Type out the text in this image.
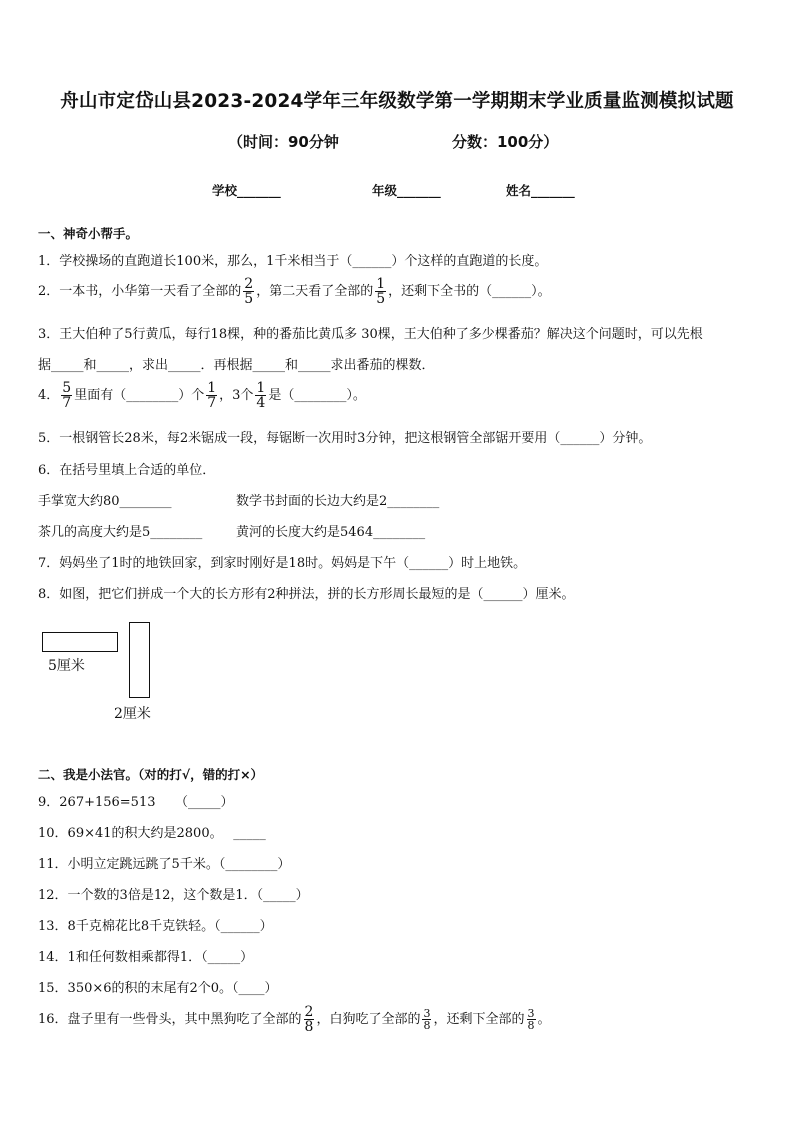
舟山市定岱山县2023-2024学年三年级数学第一学期期末学业质量监测模拟试题
（时间：90分钟	分数：100分）
学校_______	年级_______	姓名_______
一、神奇小帮手。
1．学校操场的直跑道长100米，那么，1千米相当于（______）个这样的直跑道的长度。
2．一本书，小华第一天看了全部的 $\frac{2}{5}$ ，第二天看了全部的 $\frac{1}{5}$ ，还剩下全书的（______）。
3．王大伯种了5行黄瓜，每行18棵，种的番茄比黄瓜多 30棵，王大伯种了多少棵番茄？解决这个问题时，可以先根
据_____和_____，求出_____．再根据_____和_____求出番茄的棵数．
4． $\frac{5}{7}$ 里面有（________）个 $\frac{1}{7}$ ，3个 $\frac{1}{4}$ 是（________）。
5．一根钢管长28米，每2米锯成一段，每锯断一次用时3分钟，把这根钢管全部锯开要用（______）分钟。
6．在括号里填上合适的单位．
手掌宽大约80________	数学书封面的长边大约是2________
茶几的高度大约是5________	黄河的长度大约是5464________
7．妈妈坐了1时的地铁回家，到家时刚好是18时。妈妈是下午（______）时上地铁。
8．如图，把它们拼成一个大的长方形有2种拼法，拼的长方形周长最短的是（______）厘米。
5厘米
2厘米
二、我是小法官。（对的打√，错的打×）
9．267+156=513　　（_____）
10．69×41的积大约是2800。　 _____
11．小明立定跳远跳了5千米。（________）
12．一个数的3倍是12，这个数是1．（_____）
13．8千克棉花比8千克铁轻。（______）
14．1和任何数相乘都得1．（_____）
15．350×6的积的末尾有2个0。（____）
16．盘子里有一些骨头，其中黑狗吃了全部的 $\frac{2}{8}$ ，白狗吃了全部的 $\frac{3}{8}$ ，还剩下全部的 $\frac{3}{8}$ 。
